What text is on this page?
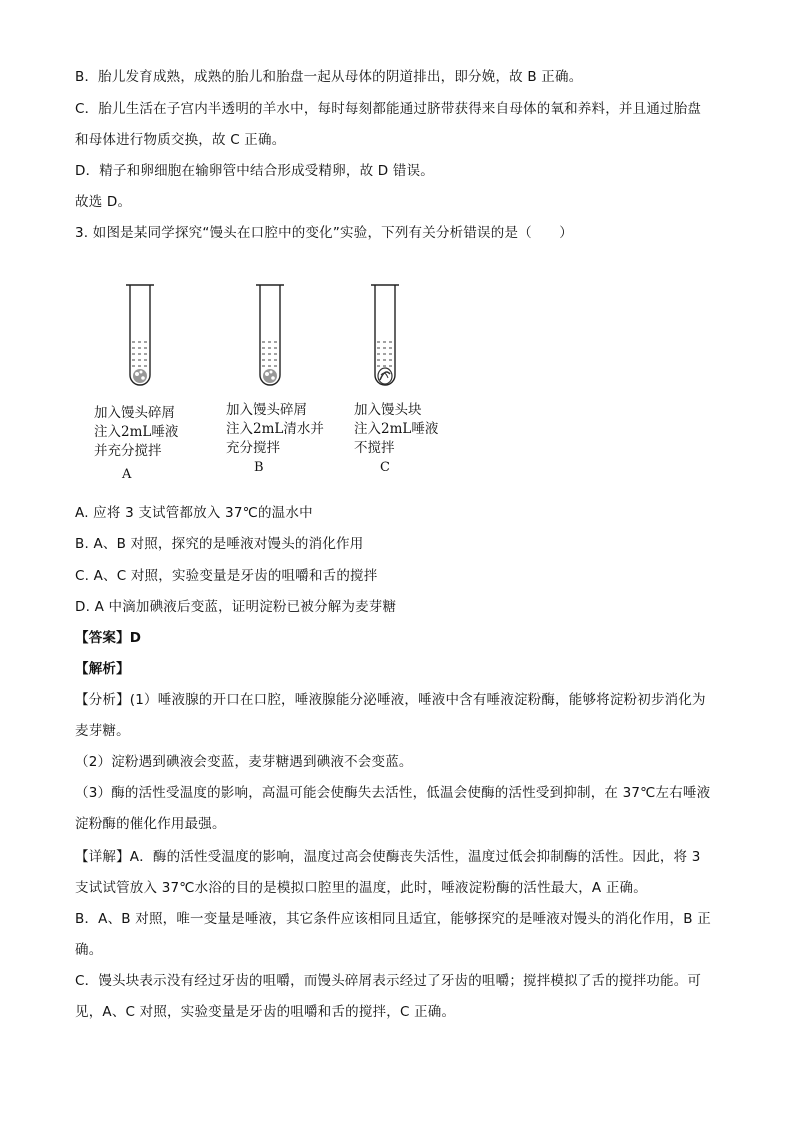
B．胎儿发育成熟，成熟的胎儿和胎盘一起从母体的阴道排出，即分娩，故 B 正确。
C．胎儿生活在子宫内半透明的羊水中，每时每刻都能通过脐带获得来自母体的氧和养料，并且通过胎盘
和母体进行物质交换，故 C 正确。
D．精子和卵细胞在输卵管中结合形成受精卵，故 D 错误。
故选 D。
3. 如图是某同学探究“馒头在口腔中的变化”实验，下列有关分析错误的是（　　）
加入馒头碎屑
注入2mL唾液
并充分搅拌
A
加入馒头碎屑
注入2mL清水并
充分搅拌
B
加入馒头块
注入2mL唾液
不搅拌
C
A. 应将 3 支试管都放入 37℃的温水中
B. A、B 对照，探究的是唾液对馒头的消化作用
C. A、C 对照，实验变量是牙齿的咀嚼和舌的搅拌
D. A 中滴加碘液后变蓝，证明淀粉已被分解为麦芽糖
【答案】D
【解析】
【分析】(1）唾液腺的开口在口腔，唾液腺能分泌唾液，唾液中含有唾液淀粉酶，能够将淀粉初步消化为
麦芽糖。
（2）淀粉遇到碘液会变蓝，麦芽糖遇到碘液不会变蓝。
（3）酶的活性受温度的影响，高温可能会使酶失去活性，低温会使酶的活性受到抑制，在 37℃左右唾液
淀粉酶的催化作用最强。
【详解】A．酶的活性受温度的影响，温度过高会使酶丧失活性，温度过低会抑制酶的活性。因此，将 3
支试试管放入 37℃水浴的目的是模拟口腔里的温度，此时，唾液淀粉酶的活性最大，A 正确。
B．A、B 对照，唯一变量是唾液，其它条件应该相同且适宜，能够探究的是唾液对馒头的消化作用，B 正
确。
C．馒头块表示没有经过牙齿的咀嚼，而馒头碎屑表示经过了牙齿的咀嚼；搅拌模拟了舌的搅拌功能。可
见，A、C 对照，实验变量是牙齿的咀嚼和舌的搅拌，C 正确。
